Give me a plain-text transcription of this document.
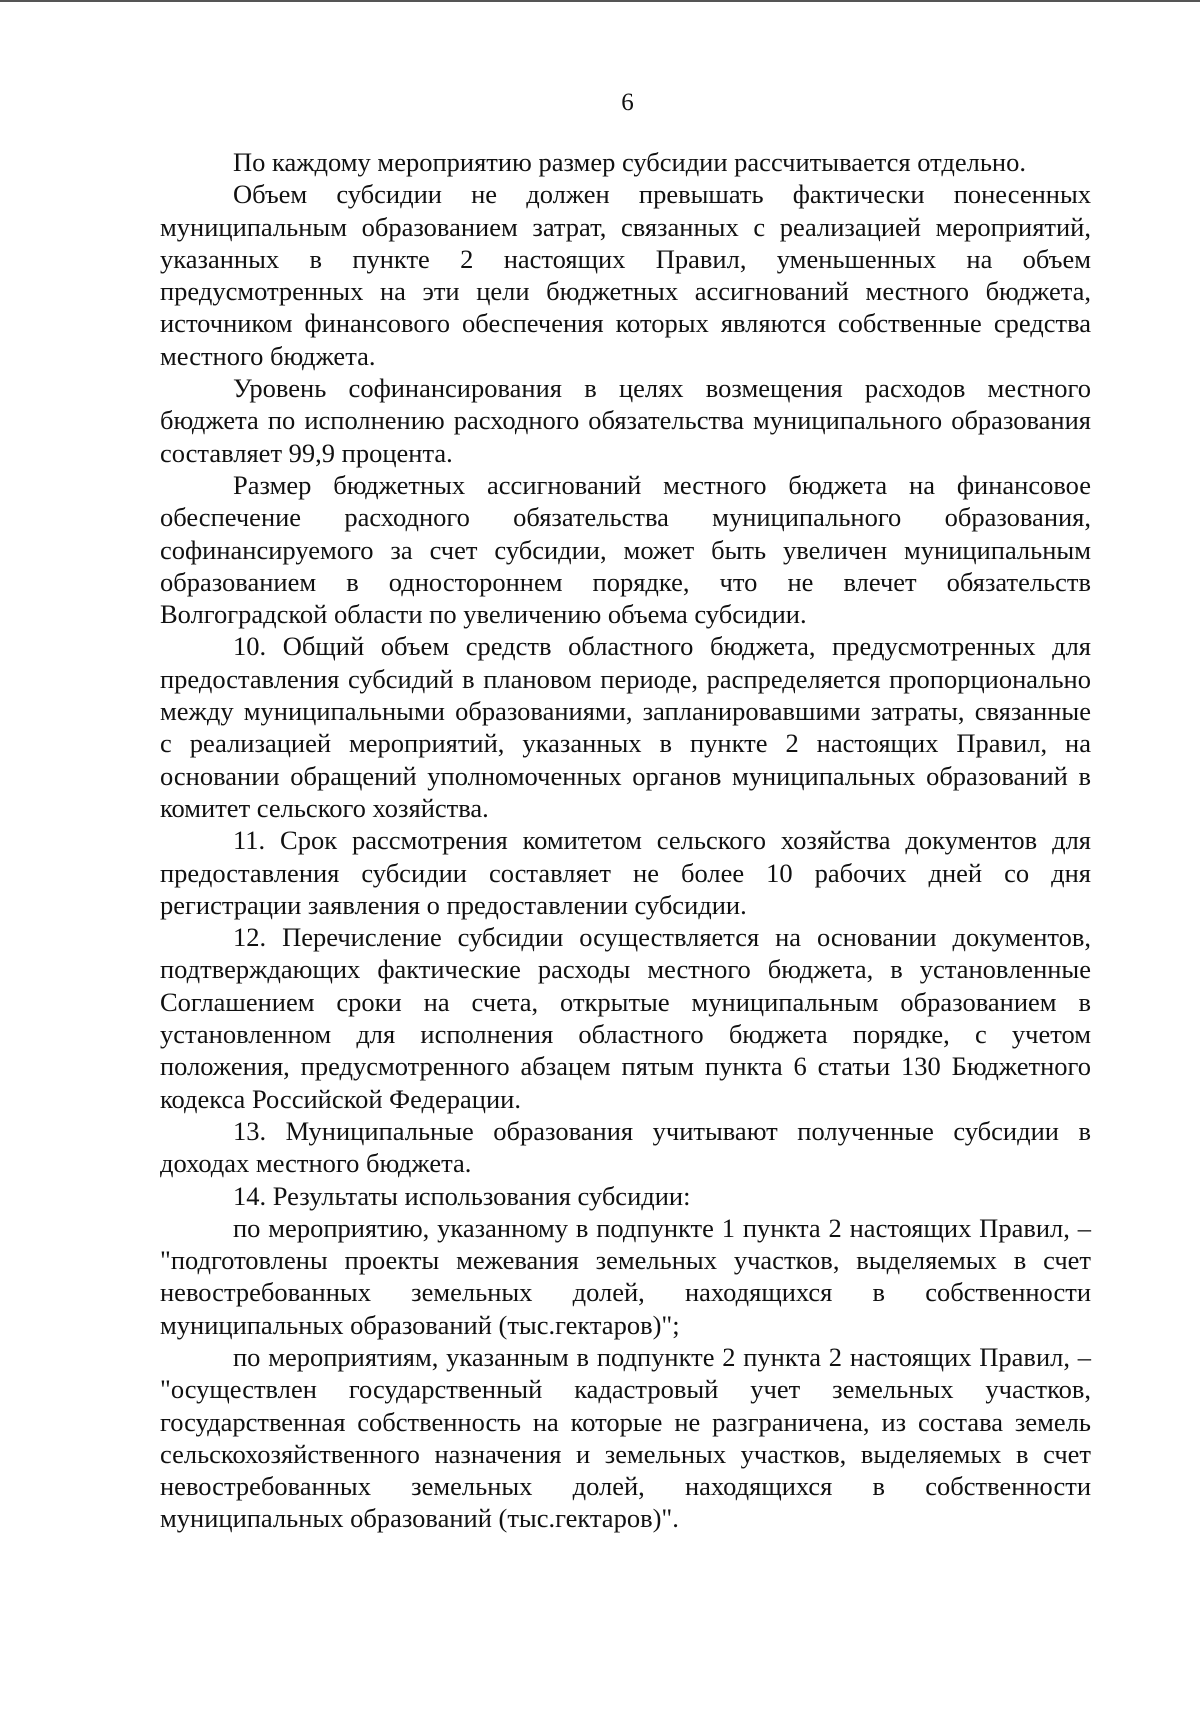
6

По каждому мероприятию размер субсидии рассчитывается отдельно.

Объем субсидии не должен превышать фактически понесенных муниципальным образованием затрат, связанных с реализацией мероприятий, указанных в пункте 2 настоящих Правил, уменьшенных на объем предусмотренных на эти цели бюджетных ассигнований местного бюджета, источником финансового обеспечения которых являются собственные средства местного бюджета.

Уровень софинансирования в целях возмещения расходов местного бюджета по исполнению расходного обязательства муниципального образования составляет 99,9 процента.

Размер бюджетных ассигнований местного бюджета на финансовое обеспечение расходного обязательства муниципального образования, софинансируемого за счет субсидии, может быть увеличен муниципальным образованием в одностороннем порядке, что не влечет обязательств Волгоградской области по увеличению объема субсидии.

10. Общий объем средств областного бюджета, предусмотренных для предоставления субсидий в плановом периоде, распределяется пропорционально между муниципальными образованиями, запланировавшими затраты, связанные с реализацией мероприятий, указанных в пункте 2 настоящих Правил, на основании обращений уполномоченных органов муниципальных образований в комитет сельского хозяйства.

11. Срок рассмотрения комитетом сельского хозяйства документов для предоставления субсидии составляет не более 10 рабочих дней со дня регистрации заявления о предоставлении субсидии.

12. Перечисление субсидии осуществляется на основании документов, подтверждающих фактические расходы местного бюджета, в установленные Соглашением сроки на счета, открытые муниципальным образованием в установленном для исполнения областного бюджета порядке, с учетом положения, предусмотренного абзацем пятым пункта 6 статьи 130 Бюджетного кодекса Российской Федерации.

13. Муниципальные образования учитывают полученные субсидии в доходах местного бюджета.

14. Результаты использования субсидии:

по мероприятию, указанному в подпункте 1 пункта 2 настоящих Правил, – "подготовлены проекты межевания земельных участков, выделяемых в счет невостребованных земельных долей, находящихся в собственности муниципальных образований (тыс.гектаров)";

по мероприятиям, указанным в подпункте 2 пункта 2 настоящих Правил, – "осуществлен государственный кадастровый учет земельных участков, государственная собственность на которые не разграничена, из состава земель сельскохозяйственного назначения и земельных участков, выделяемых в счет невостребованных земельных долей, находящихся в собственности муниципальных образований (тыс.гектаров)".
